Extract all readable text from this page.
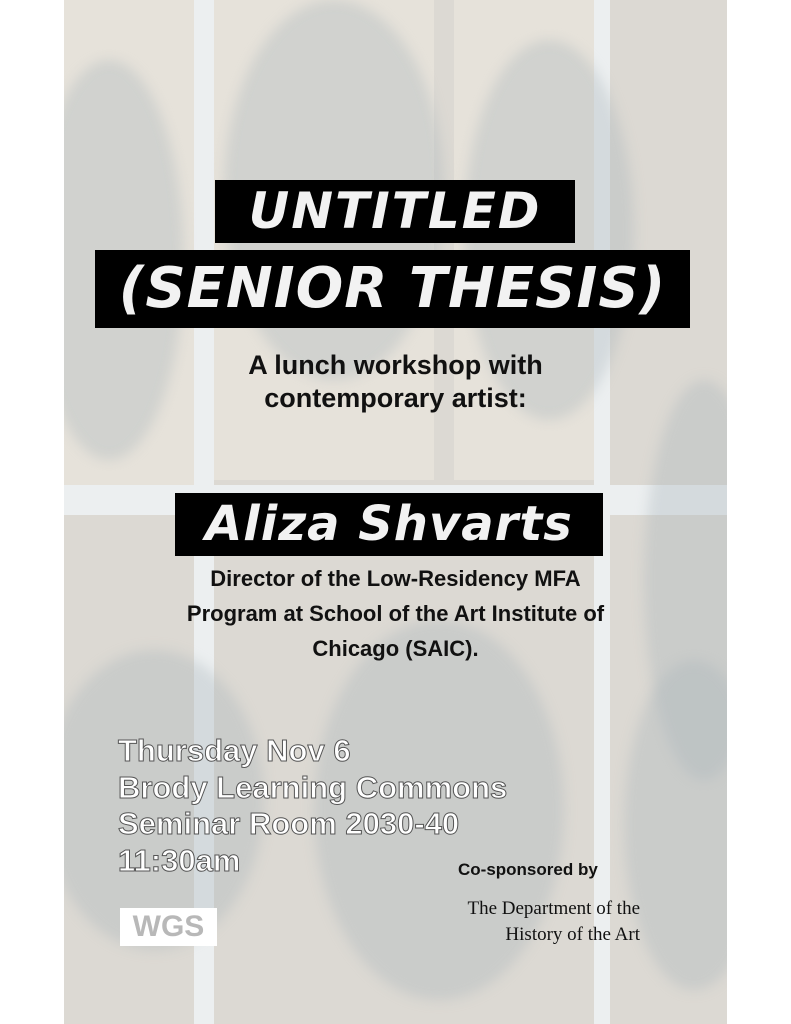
UNTITLED
(SENIOR THESIS)
A lunch workshop with
contemporary artist:
Aliza Shvarts
Director of the Low-Residency MFA
Program at School of the Art Institute of
Chicago (SAIC).
Thursday Nov 6
Brody Learning Commons
Seminar Room 2030-40
11:30am	Co-sponsored by
The Department of the
History of the Art
WGS
